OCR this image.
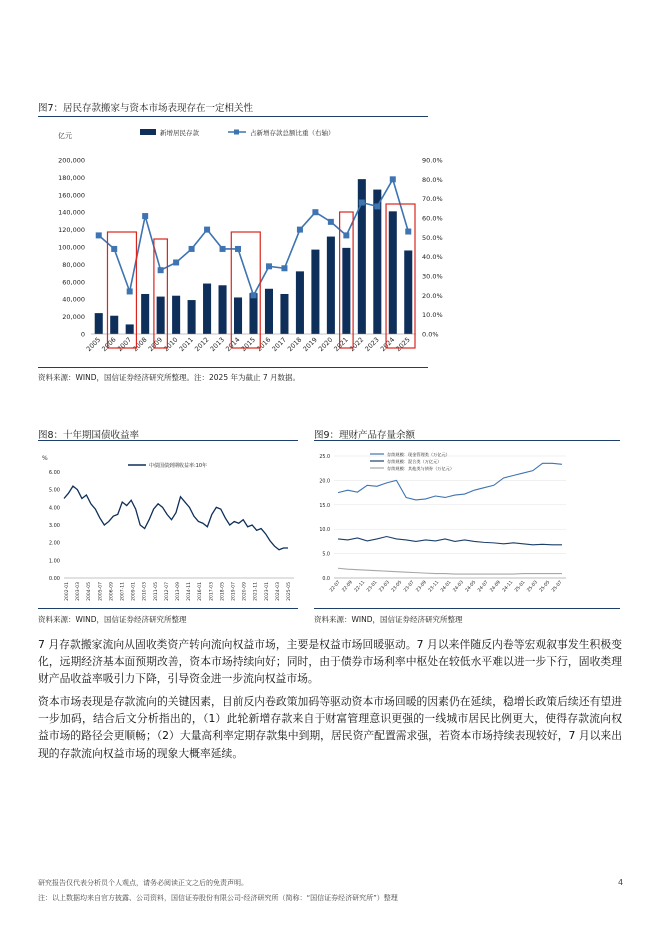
图7：居民存款搬家与资本市场表现存在一定相关性
亿元	新增居民存款	占新增存款总额比重（右轴）
0
20,000
40,000
60,000
80,000
100,000
120,000
140,000
160,000
180,000
200,000
0.0%
10.0%
20.0%
30.0%
40.0%
50.0%
60.0%
70.0%
80.0%
90.0%
2005
2006
2007
2008
2009
2010
2011
2012
2013
2014
2015
2016
2017
2018
2019
2020
2021
2022
2023
2024
2025
资料来源：WIND，国信证券经济研究所整理。注：2025 年为截止 7 月数据。
图8：十年期国债收益率
%
中债国债到期收益率:10年
0.00
1.00
2.00
3.00
4.00
5.00
6.00
2002-01 2003-03 2004-05 2005-07 2006-09 2007-11 2009-01 2010-03 2011-05 2012-07 2013-09 2014-11 2016-01 2017-03 2018-05 2019-07 2020-09 2021-11 2023-01 2024-03 2025-05
资料来源：WIND，国信证券经济研究所整理
图9：理财产品存量余额
0.0
5.0
10.0
15.0
20.0
25.0
存续规模：现金管理类（万亿元）
存续规模：混合类（万亿元）
存续规模：其他类与债券（万亿元）
22-07 22-09 22-11 23-01 23-03 23-05 23-07 23-09 23-11 24-01 24-03 24-05 24-07 24-09 24-11 25-01 25-03 25-05 25-07
资料来源：WIND，国信证券经济研究所整理
7 月存款搬家流向从固收类资产转向流向权益市场，主要是权益市场回暖驱动。7 月以来伴随反内卷等宏观叙事发生积极变化，远期经济基本面预期改善，资本市场持续向好；同时，由于债券市场利率中枢处在较低水平难以进一步下行，固收类理财产品收益率吸引力下降，引导资金进一步流向权益市场。
资本市场表现是存款流向的关键因素，目前反内卷政策加码等驱动资本市场回暖的因素仍在延续，稳增长政策后续还有望进一步加码，结合后文分析指出的，（1）此轮新增存款来自于财富管理意识更强的一线城市居民比例更大，使得存款流向权益市场的路径会更顺畅；（2）大量高利率定期存款集中到期，居民资产配置需求强，若资本市场持续表现较好，7 月以来出现的存款流向权益市场的现象大概率延续。
研究报告仅代表分析员个人观点，请务必阅读正文之后的免责声明。
注：以上数据均来自官方披露、公司资料，国信证券股份有限公司-经济研究所（简称：“国信证券经济研究所”）整理
4
